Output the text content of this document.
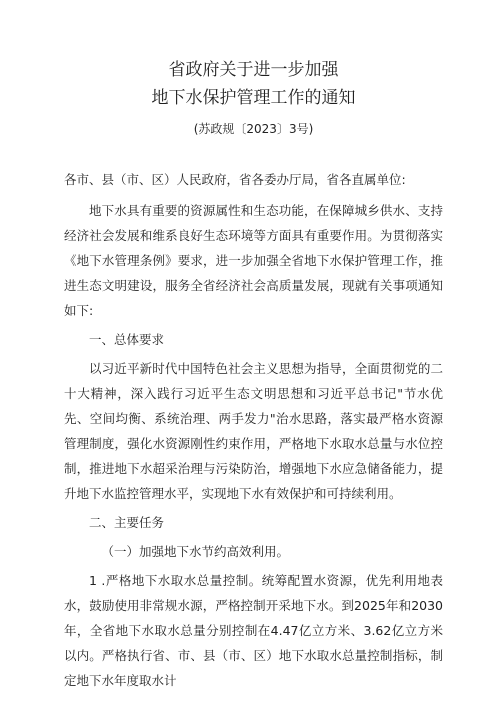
省政府关于进一步加强
地下水保护管理工作的通知
(苏政规〔2023〕3号)
各市、县（市、区）人民政府，省各委办厅局，省各直属单位:

地下水具有重要的资源属性和生态功能，在保障城乡供水、支持经济社会发展和维系良好生态环境等方面具有重要作用。为贯彻落实《地下水管理条例》要求，进一步加强全省地下水保护管理工作，推进生态文明建设，服务全省经济社会高质量发展，现就有关事项通知如下:

一、总体要求

以习近平新时代中国特色社会主义思想为指导，全面贯彻党的二十大精神，深入践行习近平生态文明思想和习近平总书记"节水优先、空间均衡、系统治理、两手发力"治水思路，落实最严格水资源管理制度，强化水资源刚性约束作用，严格地下水取水总量与水位控制，推进地下水超采治理与污染防治，增强地下水应急储备能力，提升地下水监控管理水平，实现地下水有效保护和可持续利用。

二、主要任务

（一）加强地下水节约高效利用。

1 .严格地下水取水总量控制。统筹配置水资源，优先利用地表水，鼓励使用非常规水源，严格控制开采地下水。到2025年和2030年，全省地下水取水总量分别控制在4.47亿立方米、3.62亿立方米以内。严格执行省、市、县（市、区）地下水取水总量控制指标，制定地下水年度取水计
